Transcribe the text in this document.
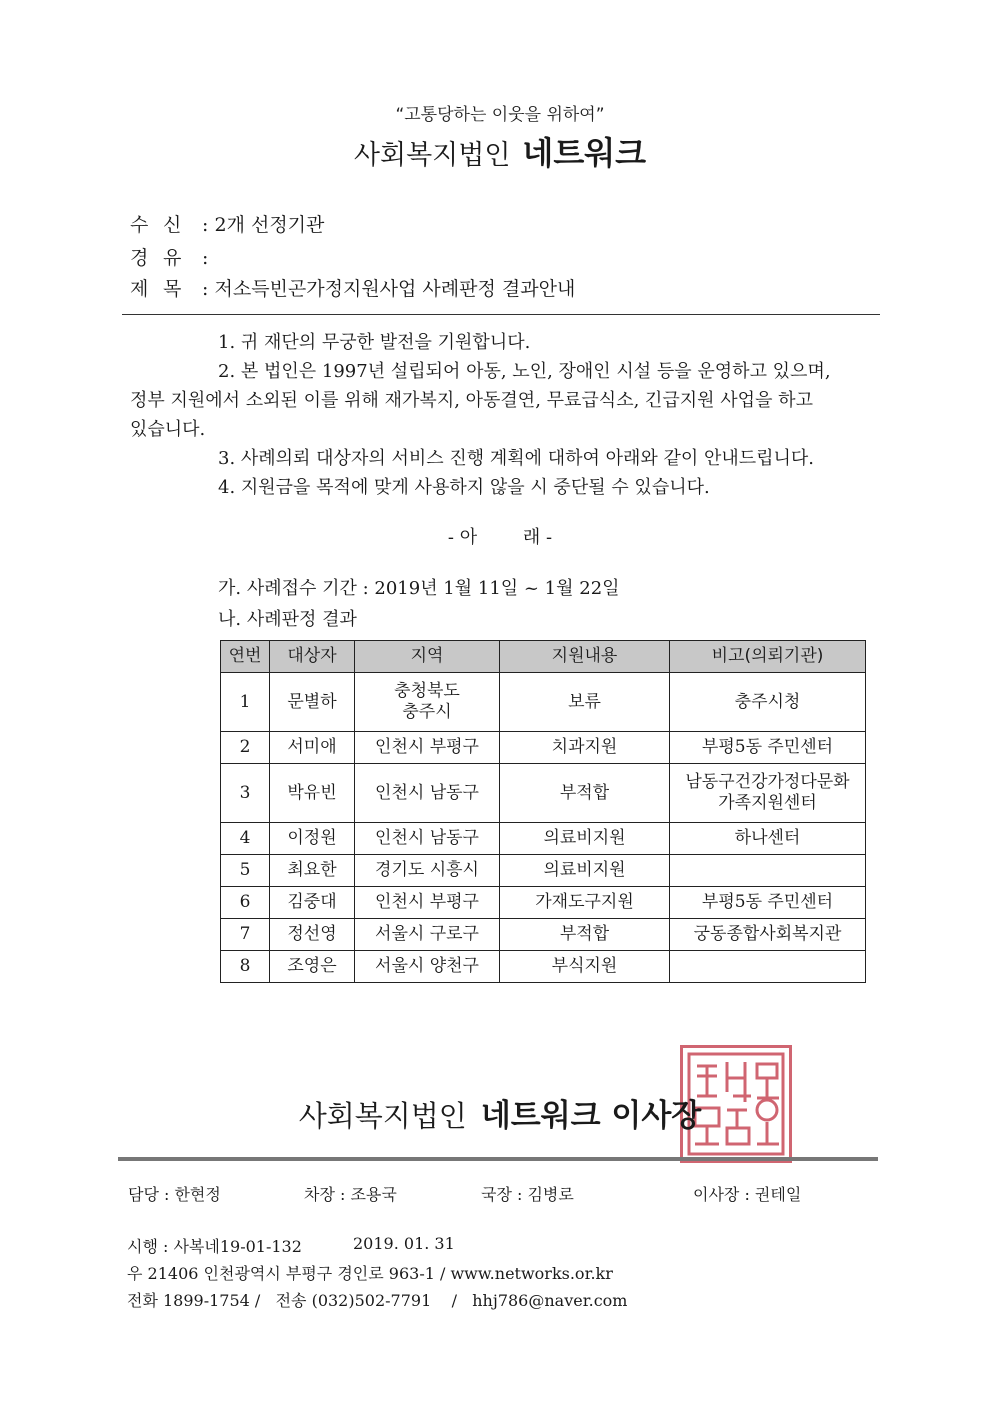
“고통당하는 이웃을 위하여”
사회복지법인 네트워크
수 신 : 2개 선정기관
경 유 :
제 목 : 저소득빈곤가정지원사업 사례판정 결과안내
1. 귀 재단의 무궁한 발전을 기원합니다.
2. 본 법인은 1997년 설립되어 아동, 노인, 장애인 시설 등을 운영하고 있으며,
정부 지원에서 소외된 이를 위해 재가복지, 아동결연, 무료급식소, 긴급지원 사업을 하고
있습니다.
3. 사례의뢰 대상자의 서비스 진행 계획에 대하여 아래와 같이 안내드립니다.
4. 지원금을 목적에 맞게 사용하지 않을 시 중단될 수 있습니다.
- 아        래 -
가. 사례접수 기간 : 2019년 1월 11일 ~ 1월 22일
나. 사례판정 결과
연번	대상자	지역	지원내용	비고(의뢰기관)
1	문별하	충청북도
충주시	보류	충주시청
2	서미애	인천시 부평구	치과지원	부평5동 주민센터
3	박유빈	인천시 남동구	부적합	남동구건강가정다문화
가족지원센터

4	이정원	인천시 남동구	의료비지원	하나센터
5	최요한	경기도 시흥시	의료비지원	
6	김중대	인천시 부평구	가재도구지원	부평5동 주민센터
7	정선영	서울시 구로구	부적합	궁동종합사회복지관
8	조영은	서울시 양천구	부식지원	
사회복지법인 네트워크 이사장
담당 : 한현정	차장 : 조용국	국장 : 김병로	이사장 : 권테일
시행 : 사복네19-01-132	2019. 01. 31
우 21406 인천광역시 부평구 경인로 963-1 / www.networks.or.kr
전화 1899-1754 /   전송 (032)502-7791    /   hhj786@naver.com
